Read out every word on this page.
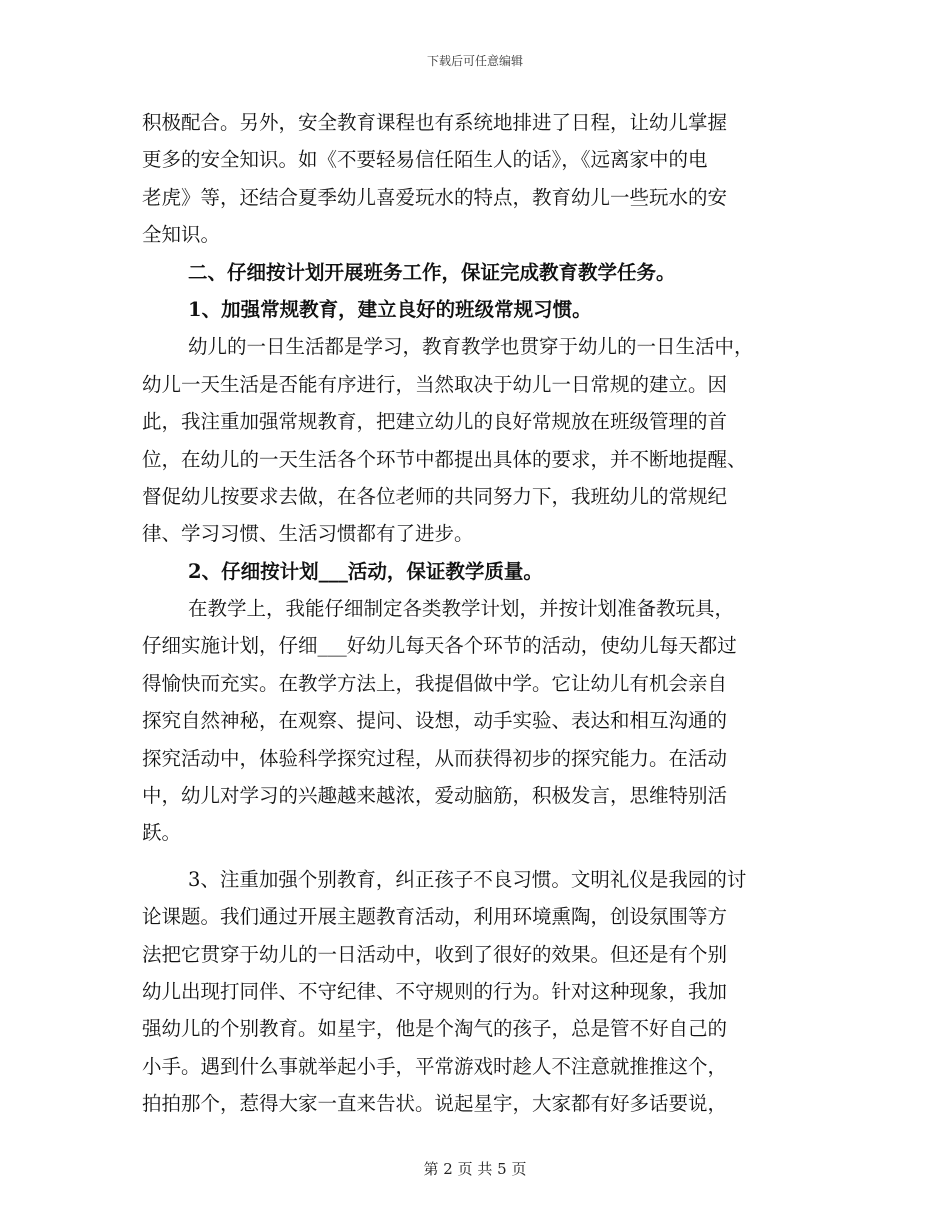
下载后可任意编辑
积极配合。另外，安全教育课程也有系统地排进了日程，让幼儿掌握
更多的安全知识。如《不要轻易信任陌生人的话》，《远离家中的电
老虎》等，还结合夏季幼儿喜爱玩水的特点，教育幼儿一些玩水的安
全知识。
二、仔细按计划开展班务工作，保证完成教育教学任务。
1、加强常规教育，建立良好的班级常规习惯。
幼儿的一日生活都是学习，教育教学也贯穿于幼儿的一日生活中，
幼儿一天生活是否能有序进行，当然取决于幼儿一日常规的建立。因
此，我注重加强常规教育，把建立幼儿的良好常规放在班级管理的首
位，在幼儿的一天生活各个环节中都提出具体的要求，并不断地提醒、
督促幼儿按要求去做，在各位老师的共同努力下，我班幼儿的常规纪
律、学习习惯、生活习惯都有了进步。
2、仔细按计划___活动，保证教学质量。
在教学上，我能仔细制定各类教学计划，并按计划准备教玩具，
仔细实施计划，仔细___好幼儿每天各个环节的活动，使幼儿每天都过
得愉快而充实。在教学方法上，我提倡做中学。它让幼儿有机会亲自
探究自然神秘，在观察、提问、设想，动手实验、表达和相互沟通的
探究活动中，体验科学探究过程，从而获得初步的探究能力。在活动
中，幼儿对学习的兴趣越来越浓，爱动脑筋，积极发言，思维特别活
跃。
3、注重加强个别教育，纠正孩子不良习惯。文明礼仪是我园的讨
论课题。我们通过开展主题教育活动，利用环境熏陶，创设氛围等方
法把它贯穿于幼儿的一日活动中，收到了很好的效果。但还是有个别
幼儿出现打同伴、不守纪律、不守规则的行为。针对这种现象，我加
强幼儿的个别教育。如星宇，他是个淘气的孩子，总是管不好自己的
小手。遇到什么事就举起小手，平常游戏时趁人不注意就推推这个，
拍拍那个，惹得大家一直来告状。说起星宇，大家都有好多话要说，
第 2 页 共 5 页
